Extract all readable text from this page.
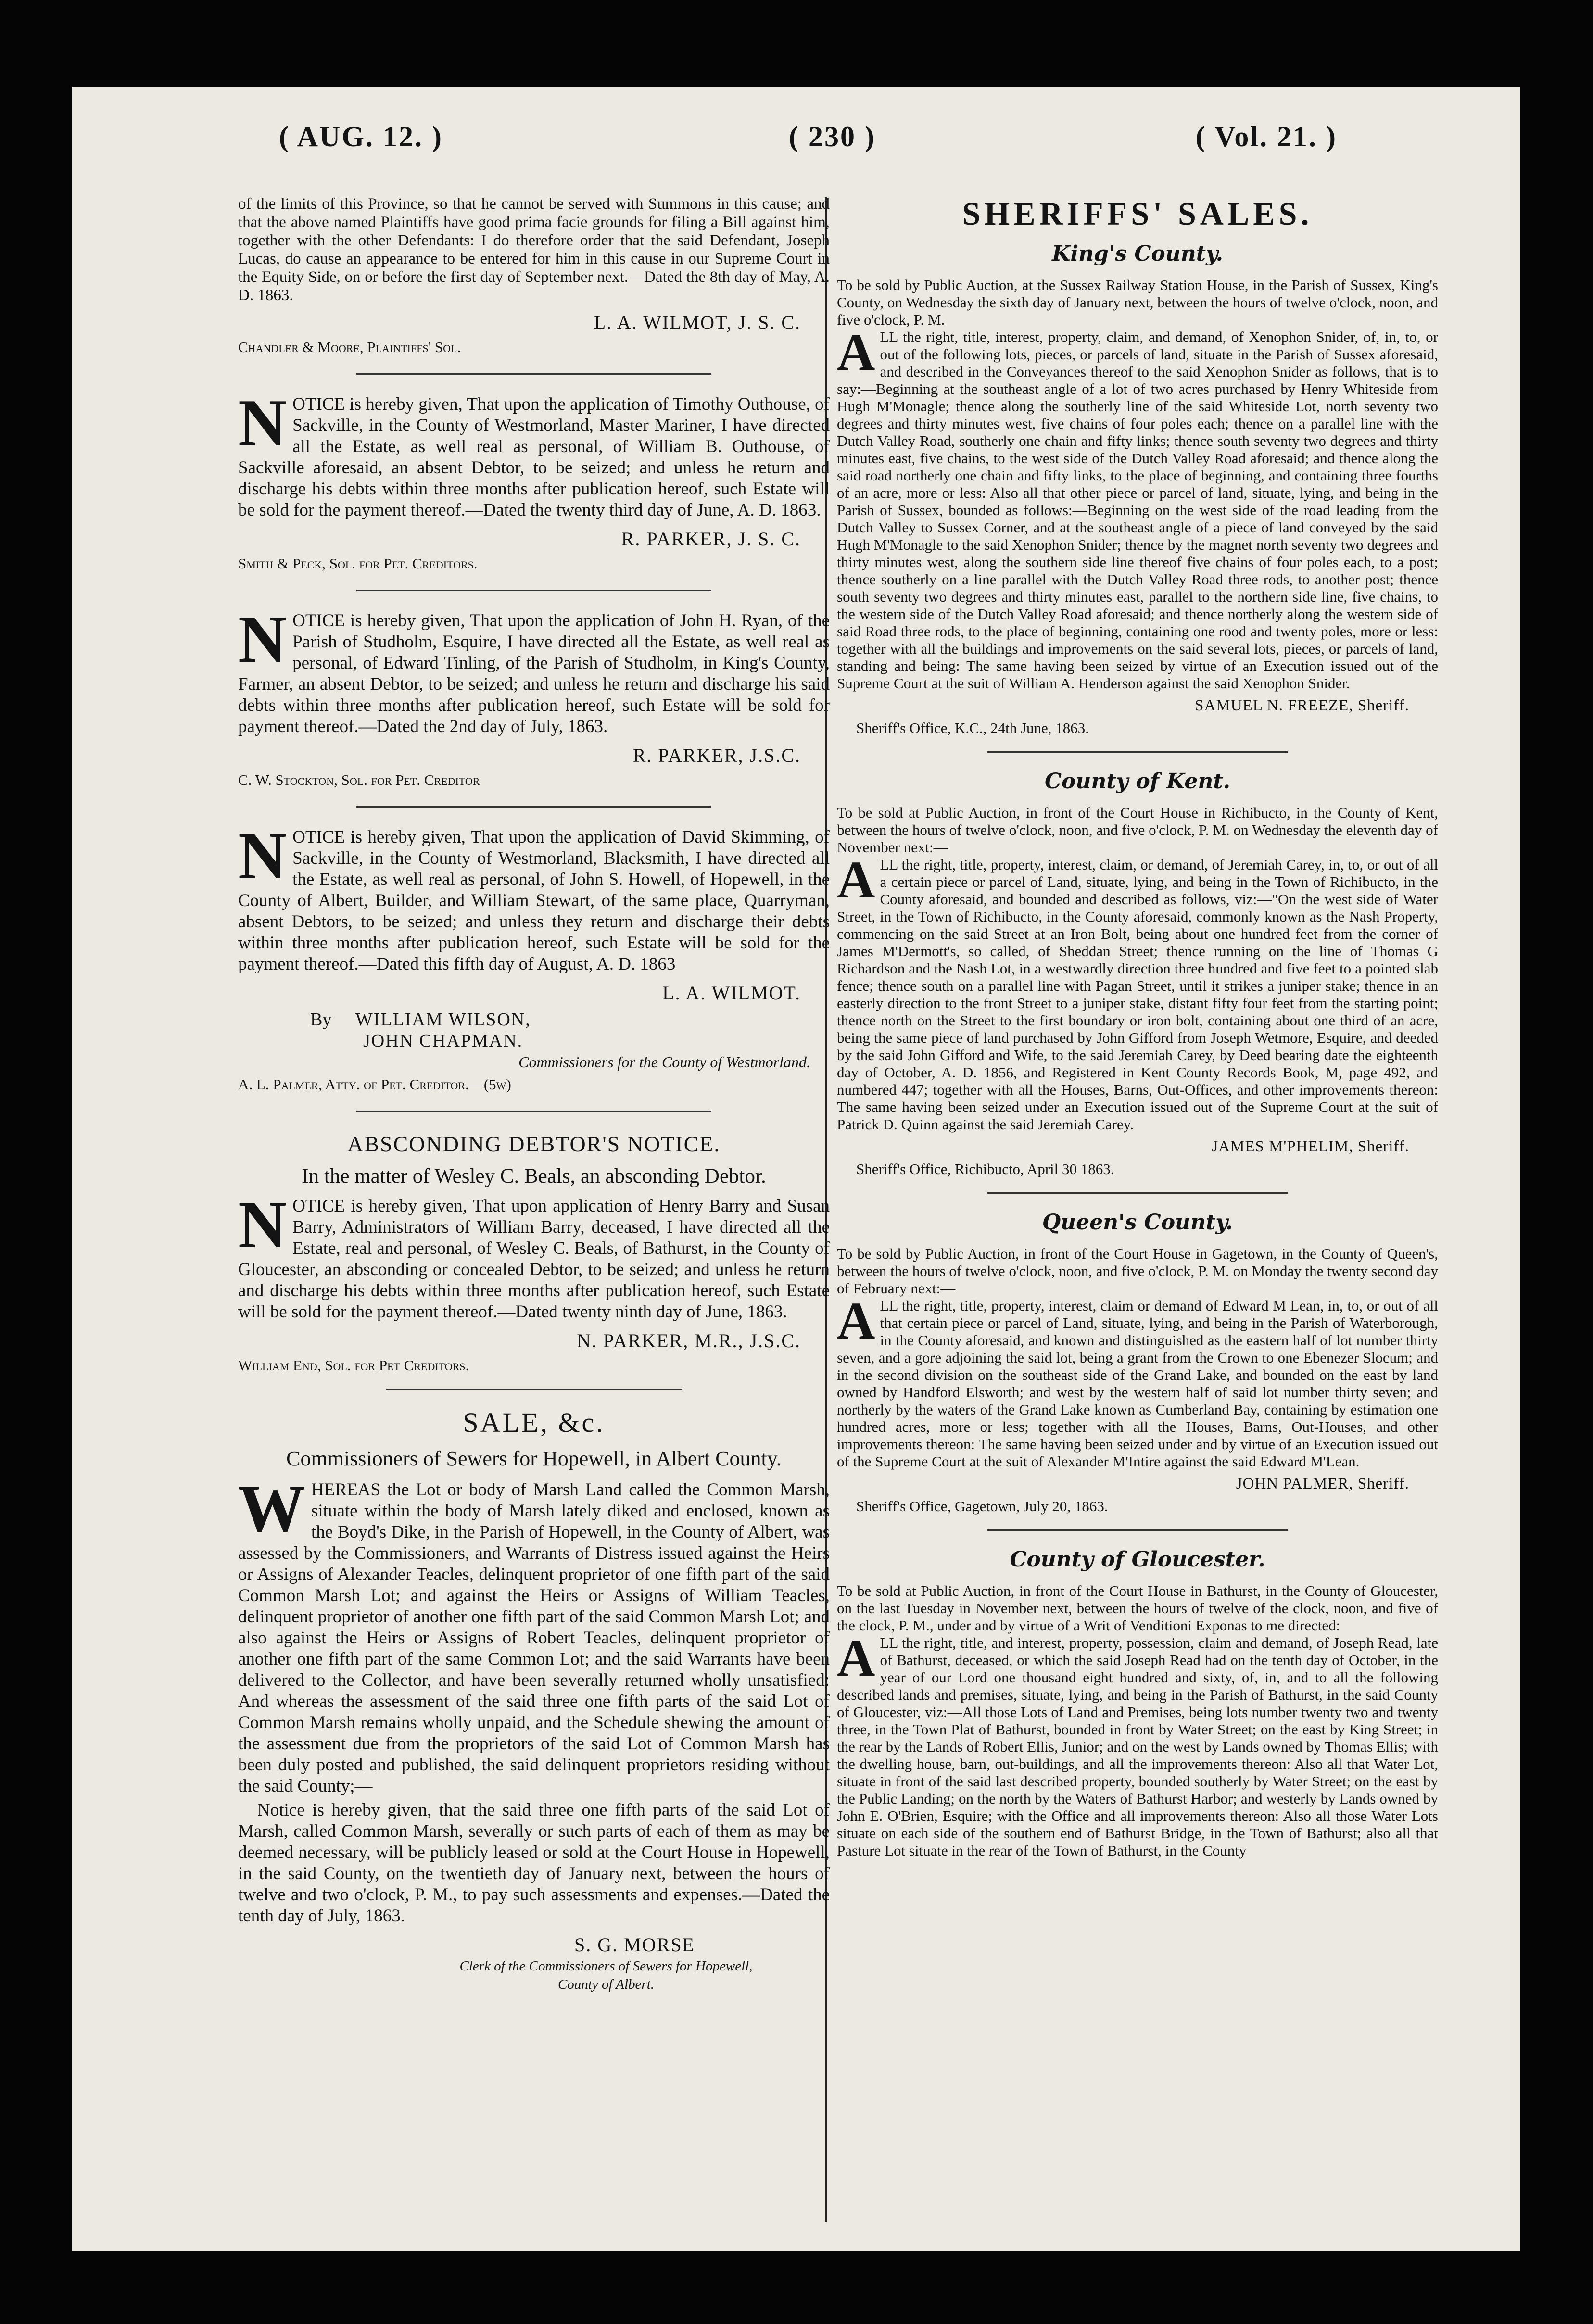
( AUG. 12. )	( 230 )	( Vol. 21. )

of the limits of this Province, so that he cannot be served with Summons in this cause; and that the above named Plaintiffs have good prima facie grounds for filing a Bill against him, together with the other Defendants: I do therefore order that the said Defendant, Joseph Lucas, do cause an appearance to be entered for him in this cause in our Supreme Court in the Equity Side, on or before the first day of September next.—Dated the 8th day of May, A. D. 1863.

L. A. WILMOT, J. S. C.
Chandler & Moore, Plaintiffs' Sol.

NOTICE is hereby given, That upon the application of Timothy Outhouse, of Sackville, in the County of Westmorland, Master Mariner, I have directed all the Estate, as well real as personal, of William B. Outhouse, of Sackville aforesaid, an absent Debtor, to be seized; and unless he return and discharge his debts within three months after publication hereof, such Estate will be sold for the payment thereof.—Dated the twenty third day of June, A. D. 1863.

R. PARKER, J. S. C.
Smith & Peck, Sol. for Pet. Creditors.

NOTICE is hereby given, That upon the application of John H. Ryan, of the Parish of Studholm, Esquire, I have directed all the Estate, as well real as personal, of Edward Tinling, of the Parish of Studholm, in King's County, Farmer, an absent Debtor, to be seized; and unless he return and discharge his said debts within three months after publication hereof, such Estate will be sold for payment thereof.—Dated the 2nd day of July, 1863.

R. PARKER, J.S.C.
C. W. Stockton, Sol. for Pet. Creditor

NOTICE is hereby given, That upon the application of David Skimming, of Sackville, in the County of Westmorland, Blacksmith, I have directed all the Estate, as well real as personal, of John S. Howell, of Hopewell, in the County of Albert, Builder, and William Stewart, of the same place, Quarryman, absent Debtors, to be seized; and unless they return and discharge their debts within three months after publication hereof, such Estate will be sold for the payment thereof.—Dated this fifth day of August, A. D. 1863

L. A. WILMOT.
By WILLIAM WILSON,
JOHN CHAPMAN.
Commissioners for the County of Westmorland.
A. L. Palmer, Atty. of Pet. Creditor.—(5w)
ABSCONDING DEBTOR'S NOTICE.
In the matter of Wesley C. Beals, an absconding Debtor.

NOTICE is hereby given, That upon application of Henry Barry and Susan Barry, Administrators of William Barry, deceased, I have directed all the Estate, real and personal, of Wesley C. Beals, of Bathurst, in the County of Gloucester, an absconding or concealed Debtor, to be seized; and unless he return and discharge his debts within three months after publication hereof, such Estate will be sold for the payment thereof.—Dated twenty ninth day of June, 1863.

N. PARKER, M.R., J.S.C.
William End, Sol. for Pet Creditors.
SALE, &c.
Commissioners of Sewers for Hopewell, in Albert County.

WHEREAS the Lot or body of Marsh Land called the Common Marsh, situate within the body of Marsh lately diked and enclosed, known as the Boyd's Dike, in the Parish of Hopewell, in the County of Albert, was assessed by the Commissioners, and Warrants of Distress issued against the Heirs or Assigns of Alexander Teacles, delinquent proprietor of one fifth part of the said Common Marsh Lot; and against the Heirs or Assigns of William Teacles, delinquent proprietor of another one fifth part of the said Common Marsh Lot; and also against the Heirs or Assigns of Robert Teacles, delinquent proprietor of another one fifth part of the same Common Lot; and the said Warrants have been delivered to the Collector, and have been severally returned wholly unsatisfied: And whereas the assessment of the said three one fifth parts of the said Lot of Common Marsh remains wholly unpaid, and the Schedule shewing the amount of the assessment due from the proprietors of the said Lot of Common Marsh has been duly posted and published, the said delinquent proprietors residing without the said County;—

Notice is hereby given, that the said three one fifth parts of the said Lot of Marsh, called Common Marsh, severally or such parts of each of them as may be deemed necessary, will be publicly leased or sold at the Court House in Hopewell, in the said County, on the twentieth day of January next, between the hours of twelve and two o'clock, P. M., to pay such assessments and expenses.—Dated the tenth day of July, 1863.

S. G. MORSE
Clerk of the Commissioners of Sewers for Hopewell,
County of Albert.
SHERIFFS' SALES.
King's County.

To be sold by Public Auction, at the Sussex Railway Station House, in the Parish of Sussex, King's County, on Wednesday the sixth day of January next, between the hours of twelve o'clock, noon, and five o'clock, P. M.

ALL the right, title, interest, property, claim, and demand, of Xenophon Snider, of, in, to, or out of the following lots, pieces, or parcels of land, situate in the Parish of Sussex aforesaid, and described in the Conveyances thereof to the said Xenophon Snider as follows, that is to say:—Beginning at the southeast angle of a lot of two acres purchased by Henry Whiteside from Hugh M'Monagle; thence along the southerly line of the said Whiteside Lot, north seventy two degrees and thirty minutes west, five chains of four poles each; thence on a parallel line with the Dutch Valley Road, southerly one chain and fifty links; thence south seventy two degrees and thirty minutes east, five chains, to the west side of the Dutch Valley Road aforesaid; and thence along the said road northerly one chain and fifty links, to the place of beginning, and containing three fourths of an acre, more or less: Also all that other piece or parcel of land, situate, lying, and being in the Parish of Sussex, bounded as follows:—Beginning on the west side of the road leading from the Dutch Valley to Sussex Corner, and at the southeast angle of a piece of land conveyed by the said Hugh M'Monagle to the said Xenophon Snider; thence by the magnet north seventy two degrees and thirty minutes west, along the southern side line thereof five chains of four poles each, to a post; thence southerly on a line parallel with the Dutch Valley Road three rods, to another post; thence south seventy two degrees and thirty minutes east, parallel to the northern side line, five chains, to the western side of the Dutch Valley Road aforesaid; and thence northerly along the western side of said Road three rods, to the place of beginning, containing one rood and twenty poles, more or less: together with all the buildings and improvements on the said several lots, pieces, or parcels of land, standing and being: The same having been seized by virtue of an Execution issued out of the Supreme Court at the suit of William A. Henderson against the said Xenophon Snider.

SAMUEL N. FREEZE, Sheriff.
Sheriff's Office, K.C., 24th June, 1863.
County of Kent.

To be sold at Public Auction, in front of the Court House in Richibucto, in the County of Kent, between the hours of twelve o'clock, noon, and five o'clock, P. M. on Wednesday the eleventh day of November next:—

ALL the right, title, property, interest, claim, or demand, of Jeremiah Carey, in, to, or out of all a certain piece or parcel of Land, situate, lying, and being in the Town of Richibucto, in the County aforesaid, and bounded and described as follows, viz:—"On the west side of Water Street, in the Town of Richibucto, in the County aforesaid, commonly known as the Nash Property, commencing on the said Street at an Iron Bolt, being about one hundred feet from the corner of James M'Dermott's, so called, of Sheddan Street; thence running on the line of Thomas G Richardson and the Nash Lot, in a westwardly direction three hundred and five feet to a pointed slab fence; thence south on a parallel line with Pagan Street, until it strikes a juniper stake; thence in an easterly direction to the front Street to a juniper stake, distant fifty four feet from the starting point; thence north on the Street to the first boundary or iron bolt, containing about one third of an acre, being the same piece of land purchased by John Gifford from Joseph Wetmore, Esquire, and deeded by the said John Gifford and Wife, to the said Jeremiah Carey, by Deed bearing date the eighteenth day of October, A. D. 1856, and Registered in Kent County Records Book, M, page 492, and numbered 447; together with all the Houses, Barns, Out-Offices, and other improvements thereon: The same having been seized under an Execution issued out of the Supreme Court at the suit of Patrick D. Quinn against the said Jeremiah Carey.

JAMES M'PHELIM, Sheriff.
Sheriff's Office, Richibucto, April 30 1863.
Queen's County.

To be sold by Public Auction, in front of the Court House in Gagetown, in the County of Queen's, between the hours of twelve o'clock, noon, and five o'clock, P. M. on Monday the twenty second day of February next:—

ALL the right, title, property, interest, claim or demand of Edward M Lean, in, to, or out of all that certain piece or parcel of Land, situate, lying, and being in the Parish of Waterborough, in the County aforesaid, and known and distinguished as the eastern half of lot number thirty seven, and a gore adjoining the said lot, being a grant from the Crown to one Ebenezer Slocum; and in the second division on the southeast side of the Grand Lake, and bounded on the east by land owned by Handford Elsworth; and west by the western half of said lot number thirty seven; and northerly by the waters of the Grand Lake known as Cumberland Bay, containing by estimation one hundred acres, more or less; together with all the Houses, Barns, Out-Houses, and other improvements thereon: The same having been seized under and by virtue of an Execution issued out of the Supreme Court at the suit of Alexander M'Intire against the said Edward M'Lean.

JOHN PALMER, Sheriff.
Sheriff's Office, Gagetown, July 20, 1863.
County of Gloucester.

To be sold at Public Auction, in front of the Court House in Bathurst, in the County of Gloucester, on the last Tuesday in November next, between the hours of twelve of the clock, noon, and five of the clock, P. M., under and by virtue of a Writ of Venditioni Exponas to me directed:

ALL the right, title, and interest, property, possession, claim and demand, of Joseph Read, late of Bathurst, deceased, or which the said Joseph Read had on the tenth day of October, in the year of our Lord one thousand eight hundred and sixty, of, in, and to all the following described lands and premises, situate, lying, and being in the Parish of Bathurst, in the said County of Gloucester, viz:—All those Lots of Land and Premises, being lots number twenty two and twenty three, in the Town Plat of Bathurst, bounded in front by Water Street; on the east by King Street; in the rear by the Lands of Robert Ellis, Junior; and on the west by Lands owned by Thomas Ellis; with the dwelling house, barn, out-buildings, and all the improvements thereon: Also all that Water Lot, situate in front of the said last described property, bounded southerly by Water Street; on the east by the Public Landing; on the north by the Waters of Bathurst Harbor; and westerly by Lands owned by John E. O'Brien, Esquire; with the Office and all improvements thereon: Also all those Water Lots situate on each side of the southern end of Bathurst Bridge, in the Town of Bathurst; also all that Pasture Lot situate in the rear of the Town of Bathurst, in the County
